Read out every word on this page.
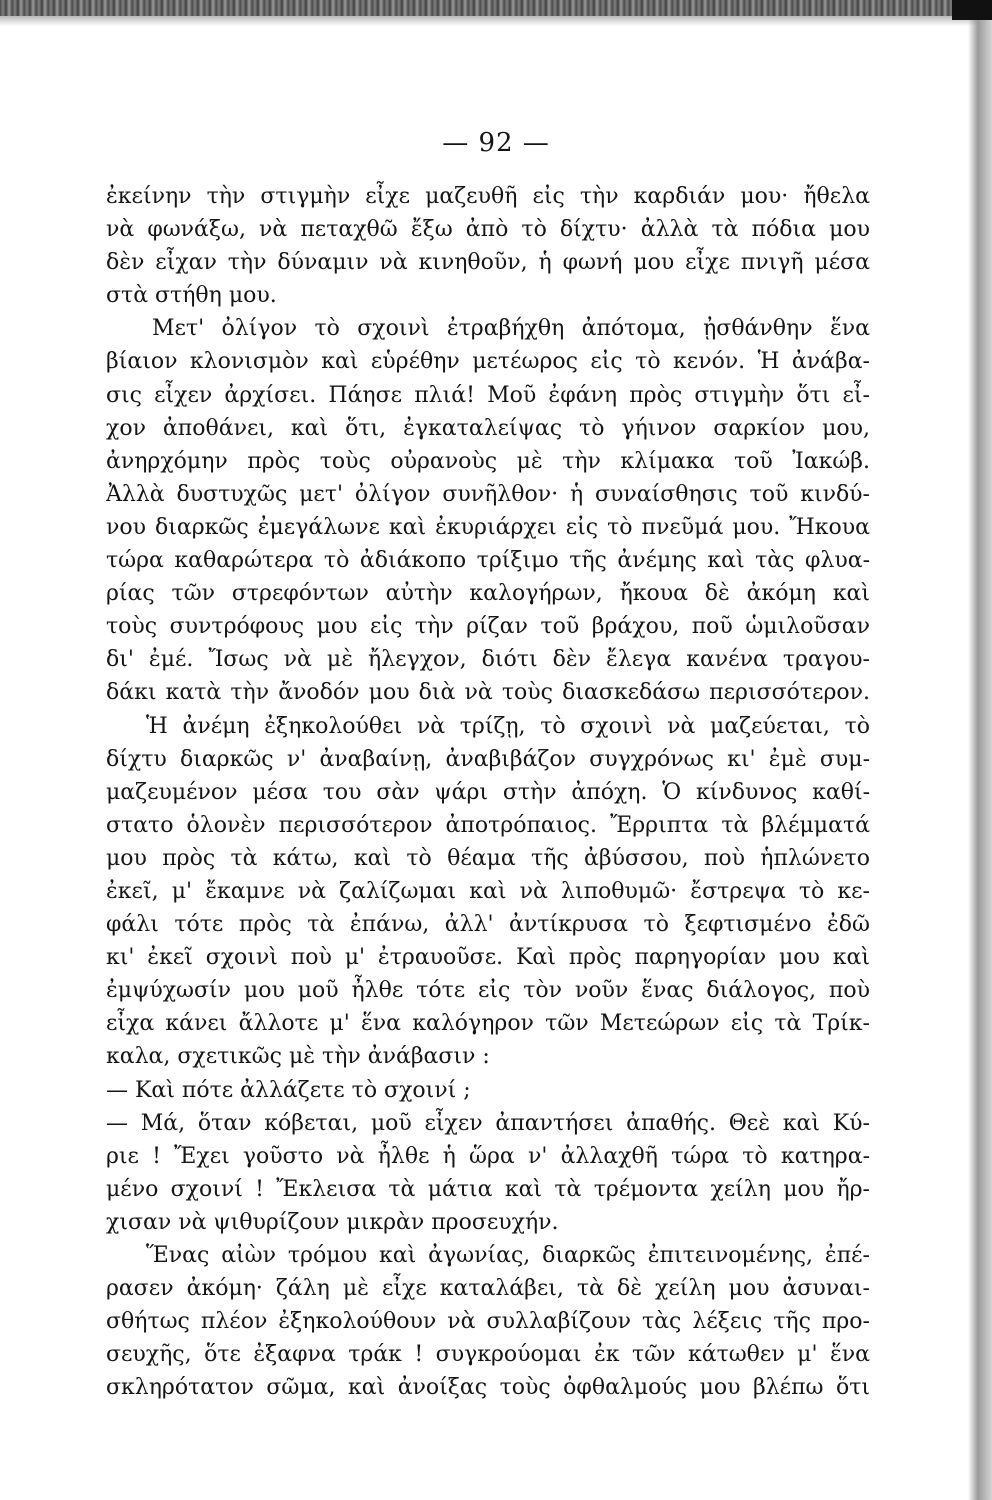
— 92 —
ἐκείνην τὴν στιγμὴν εἶχε μαζευθῆ εἰς τὴν καρδιάν μου· ἤθελα
νὰ φωνάξω, νὰ πεταχθῶ ἔξω ἀπὸ τὸ δίχτυ· ἀλλὰ τὰ πόδια μου
δὲν εἶχαν τὴν δύναμιν νὰ κινηθοῦν, ἡ φωνή μου εἶχε πνιγῆ μέσα
στὰ στήθη μου.
Μετ' ὀλίγον τὸ σχοινὶ ἐτραβήχθη ἀπότομα, ᾐσθάνθην ἕνα
βίαιον κλονισμὸν καὶ εὑρέθην μετέωρος εἰς τὸ κενόν. Ἡ ἀνάβα-
σις εἶχεν ἀρχίσει. Πάησε πλιά! Μοῦ ἐφάνη πρὸς στιγμὴν ὅτι εἶ-
χον ἀποθάνει, καὶ ὅτι, ἐγκαταλείψας τὸ γήινον σαρκίον μου,
ἀνηρχόμην πρὸς τοὺς οὐρανοὺς μὲ τὴν κλίμακα τοῦ Ἰακώβ.
Ἀλλὰ δυστυχῶς μετ' ὀλίγον συνῆλθον· ἡ συναίσθησις τοῦ κινδύ-
νου διαρκῶς ἐμεγάλωνε καὶ ἐκυριάρχει εἰς τὸ πνεῦμά μου. Ἤκουα
τώρα καθαρώτερα τὸ ἀδιάκοπο τρίξιμο τῆς ἀνέμης καὶ τὰς φλυα-
ρίας τῶν στρεφόντων αὐτὴν καλογήρων, ἤκουα δὲ ἀκόμη καὶ
τοὺς συντρόφους μου εἰς τὴν ρίζαν τοῦ βράχου, ποῦ ὡμιλοῦσαν
δι' ἐμέ. Ἴσως νὰ μὲ ἤλεγχον, διότι δὲν ἔλεγα κανένα τραγου-
δάκι κατὰ τὴν ἄνοδόν μου διὰ νὰ τοὺς διασκεδάσω περισσότερον.
Ἡ ἀνέμη ἐξηκολούθει νὰ τρίζῃ, τὸ σχοινὶ νὰ μαζεύεται, τὸ
δίχτυ διαρκῶς ν' ἀναβαίνῃ, ἀναβιβάζον συγχρόνως κι' ἐμὲ συμ-
μαζευμένον μέσα του σὰν ψάρι στὴν ἀπόχη. Ὁ κίνδυνος καθί-
στατο ὁλονὲν περισσότερον ἀποτρόπαιος. Ἔρριπτα τὰ βλέμματά
μου πρὸς τὰ κάτω, καὶ τὸ θέαμα τῆς ἀβύσσου, ποὺ ἡπλώνετο
ἐκεῖ, μ' ἔκαμνε νὰ ζαλίζωμαι καὶ νὰ λιποθυμῶ· ἔστρεψα τὸ κε-
φάλι τότε πρὸς τὰ ἐπάνω, ἀλλ' ἀντίκρυσα τὸ ξεφτισμένο ἐδῶ
κι' ἐκεῖ σχοινὶ ποὺ μ' ἐτραυοῦσε. Καὶ πρὸς παρηγορίαν μου καὶ
ἐμψύχωσίν μου μοῦ ἦλθε τότε εἰς τὸν νοῦν ἕνας διάλογος, ποὺ
εἶχα κάνει ἄλλοτε μ' ἕνα καλόγηρον τῶν Μετεώρων εἰς τὰ Τρίκ-
καλα, σχετικῶς μὲ τὴν ἀνάβασιν :
— Καὶ πότε ἀλλάζετε τὸ σχοινί ;
— Μά, ὅταν κόβεται, μοῦ εἶχεν ἀπαντήσει ἀπαθής. Θεὲ καὶ Κύ-
ριε ! Ἔχει γοῦστο νὰ ἦλθε ἡ ὥρα ν' ἀλλαχθῆ τώρα τὸ κατηρα-
μένο σχοινί ! Ἔκλεισα τὰ μάτια καὶ τὰ τρέμοντα χείλη μου ἤρ-
χισαν νὰ ψιθυρίζουν μικρὰν προσευχήν.
Ἕνας αἰὼν τρόμου καὶ ἀγωνίας, διαρκῶς ἐπιτεινομένης, ἐπέ-
ρασεν ἀκόμη· ζάλη μὲ εἶχε καταλάβει, τὰ δὲ χείλη μου ἀσυναι-
σθήτως πλέον ἐξηκολούθουν νὰ συλλαβίζουν τὰς λέξεις τῆς προ-
σευχῆς, ὅτε ἐξαφνα τράκ ! συγκρούομαι ἐκ τῶν κάτωθεν μ' ἕνα
σκληρότατον σῶμα, καὶ ἀνοίξας τοὺς ὀφθαλμούς μου βλέπω ὅτι
